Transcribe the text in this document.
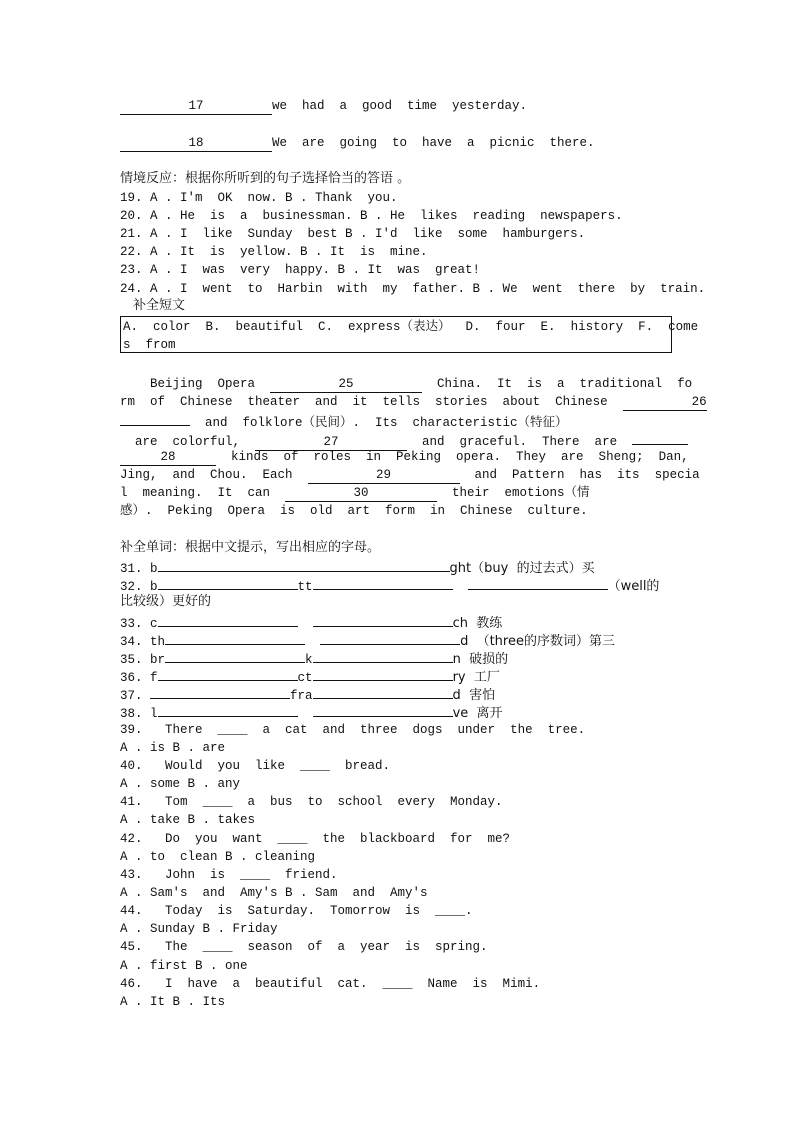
17	we  had  a  good  time  yesterday.
18	We  are  going  to  have  a  picnic  there.
情境反应：根据你所听到的句子选择恰当的答语 。
19. A . I'm  OK  now. B . Thank  you.
20. A . He  is  a  businessman. B . He  likes  reading  newspapers.
21. A . I  like  Sunday  best B . I'd  like  some  hamburgers.
22. A . It  is  yellow. B . It  is  mine.
23. A . I  was  very  happy. B . It  was  great!
24. A . I  went  to  Harbin  with  my  father. B . We  went  there  by  train.
补全短文
A.  color  B.  beautiful  C.  express（表达）  D.  four  E.  history  F.  come
s  from
Beijing  Opera	25	China.  It  is  a  traditional  fo
rm  of  Chinese  theater  and  it  tells  stories  about  Chinese	26
and  folklore（民间）.  Its  characteristic（特征）
are  colorful,	27	and  graceful.  There  are
28	kinds  of  roles  in  Peking  opera.  They  are  Sheng;  Dan,
Jing,  and  Chou.  Each	29	and  Pattern  has  its  specia
l  meaning.  It  can	30	their  emotions（情
感）.  Peking  Opera  is  old  art  form  in  Chinese  culture.
补全单词：根据中文提示，写出相应的字母。
31. b	ght（buy  的过去式）买
32. b	tt	（well的
比较级）更好的
33. c	ch  教练
34. th	d  （three的序数词）第三
35. br	k	n  破损的
36. f	ct	ry  工厂
37.	fra	d  害怕
38. l	ve  离开
39.   There  ____  a  cat  and  three  dogs  under  the  tree.
A . is B . are
40.   Would  you  like  ____  bread.
A . some B . any
41.   Tom  ____  a  bus  to  school  every  Monday.
A . take B . takes
42.   Do  you  want  ____  the  blackboard  for  me?
A . to  clean B . cleaning
43.   John  is  ____  friend.
A . Sam's  and  Amy's B . Sam  and  Amy's
44.   Today  is  Saturday.  Tomorrow  is  ____.
A . Sunday B . Friday
45.   The  ____  season  of  a  year  is  spring.
A . first B . one
46.   I  have  a  beautiful  cat.  ____  Name  is  Mimi.
A . It B . Its
